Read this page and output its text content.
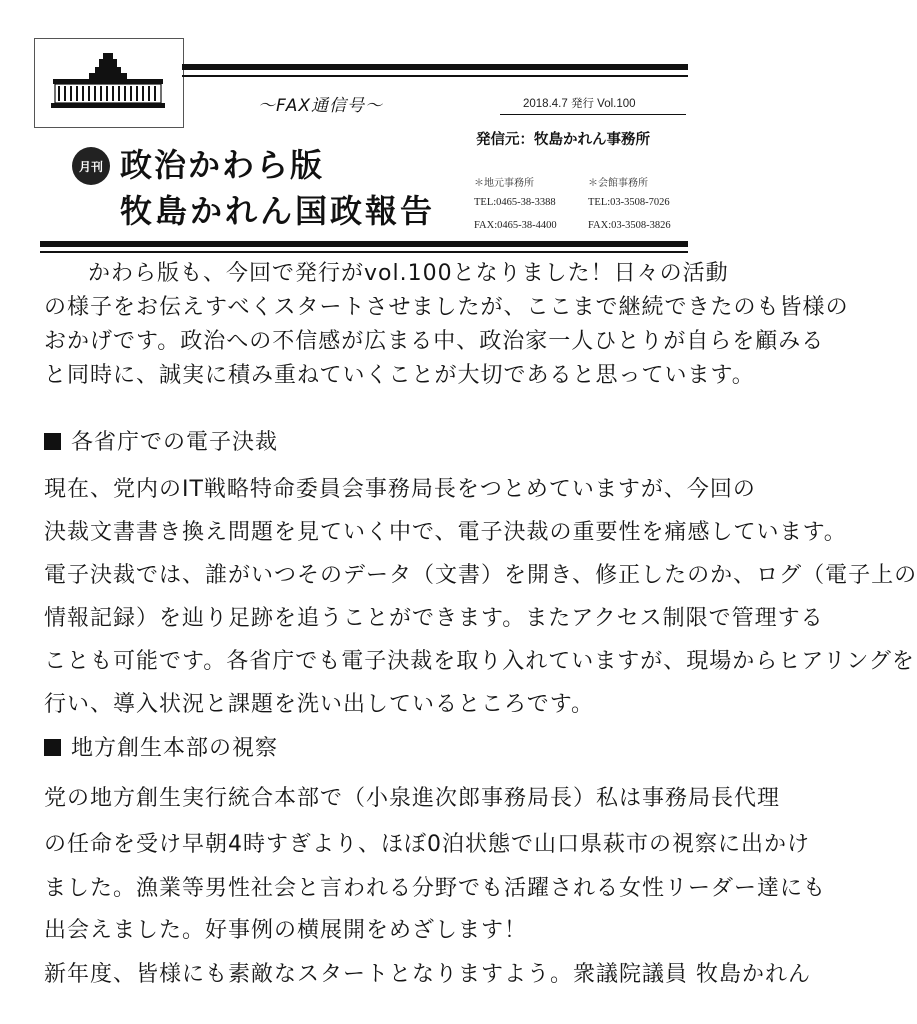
～FAX通信号～	2018.4.7 発行 Vol.100
月刊 政治かわら版
牧島かれん国政報告
発信元：牧島かれん事務所
＊地元事務所
TEL:0465-38-3388
FAX:0465-38-4400
＊会館事務所
TEL:03-3508-7026
FAX:03-3508-3826
かわら版も、今回で発行がvol.100となりました！日々の活動
の様子をお伝えすべくスタートさせましたが、ここまで継続できたのも皆様の
おかげです。政治への不信感が広まる中、政治家一人ひとりが自らを顧みる
と同時に、誠実に積み重ねていくことが大切であると思っています。
各省庁での電子決裁
現在、党内のIT戦略特命委員会事務局長をつとめていますが、今回の
決裁文書書き換え問題を見ていく中で、電子決裁の重要性を痛感しています。
電子決裁では、誰がいつそのデータ（文書）を開き、修正したのか、ログ（電子上の
情報記録）を辿り足跡を追うことができます。またアクセス制限で管理する
ことも可能です。各省庁でも電子決裁を取り入れていますが、現場からヒアリングを
行い、導入状況と課題を洗い出しているところです。
地方創生本部の視察
党の地方創生実行統合本部で（小泉進次郎事務局長）私は事務局長代理
の任命を受け早朝4時すぎより、ほぼ0泊状態で山口県萩市の視察に出かけ
ました。漁業等男性社会と言われる分野でも活躍される女性リーダー達にも
出会えました。好事例の横展開をめざします！
新年度、皆様にも素敵なスタートとなりますよう。衆議院議員 牧島かれん
